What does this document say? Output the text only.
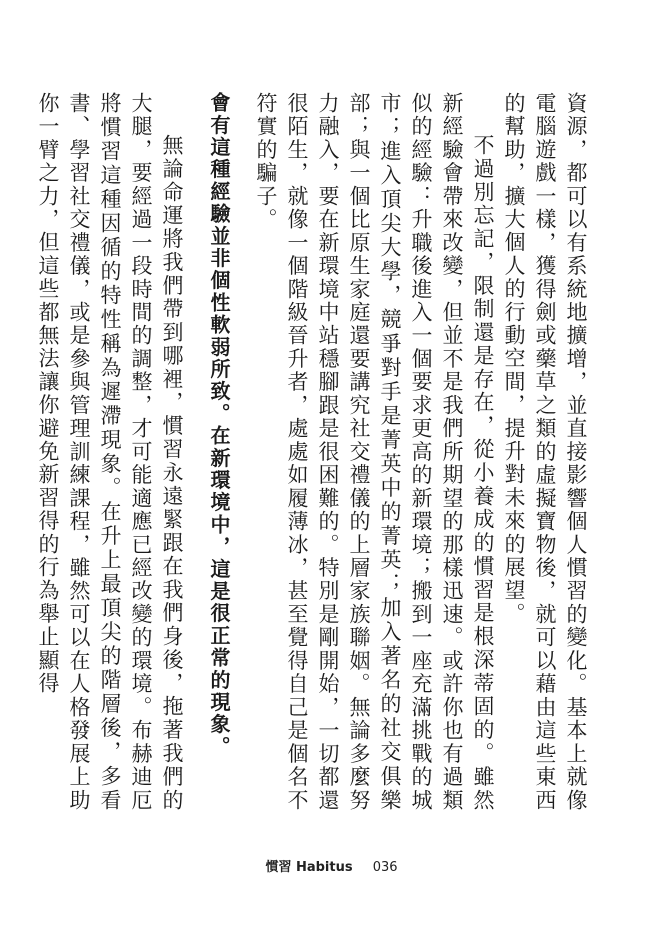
資源，都可以有系統地擴增，並直接影響個人慣習的變化。基本上就像電腦遊戲一樣，獲得劍或藥草之類的虛擬寶物後，就可以藉由這些東西的幫助，擴大個人的行動空間，提升對未來的展望。

不過別忘記，限制還是存在，從小養成的慣習是根深蒂固的。雖然新經驗會帶來改變，但並不是我們所期望的那樣迅速。或許你也有過類似的經驗：升職後進入一個要求更高的新環境；搬到一座充滿挑戰的城市；進入頂尖大學，競爭對手是菁英中的菁英；加入著名的社交俱樂部；與一個比原生家庭還要講究社交禮儀的上層家族聯姻。無論多麼努力融入，要在新環境中站穩腳跟是很困難的。特別是剛開始，一切都還很陌生，就像一個階級晉升者，處處如履薄冰，甚至覺得自己是個名不符實的騙子。

會有這種經驗並非個性軟弱所致。在新環境中，這是很正常的現象。

無論命運將我們帶到哪裡，慣習永遠緊跟在我們身後，拖著我們的大腿，要經過一段時間的調整，才可能適應已經改變的環境。布赫迪厄將慣習這種因循的特性稱為遲滯現象。在升上最頂尖的階層後，多看書、學習社交禮儀，或是參與管理訓練課程，雖然可以在人格發展上助你一臂之力，但這些都無法讓你避免新習得的行為舉止顯得

慣習 Habitus 036
